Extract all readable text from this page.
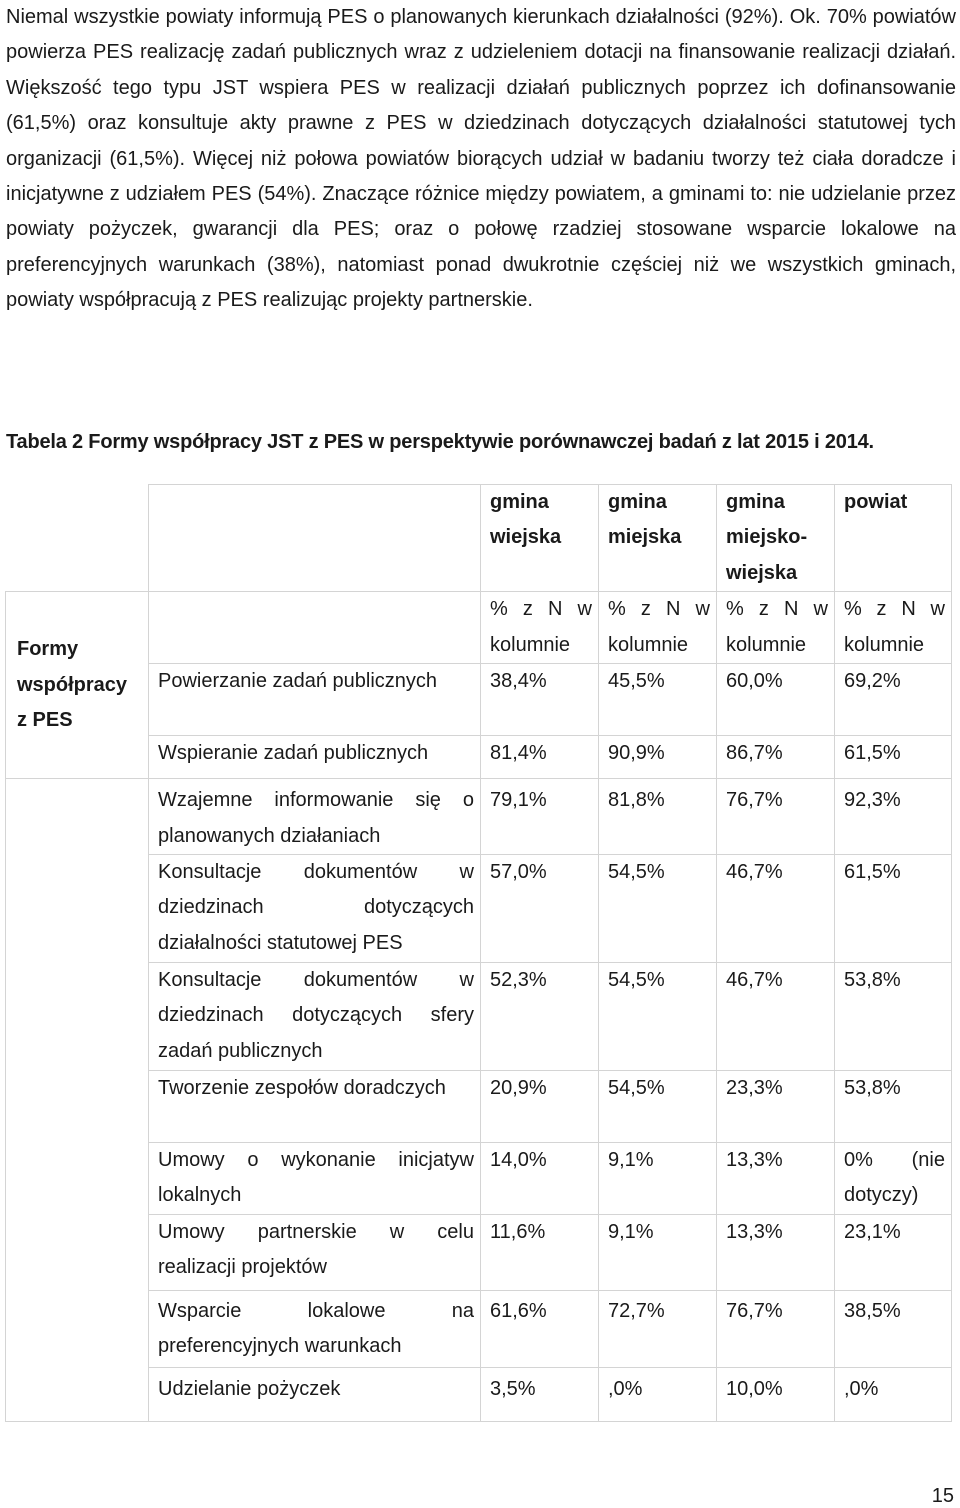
Niemal wszystkie powiaty informują PES o planowanych kierunkach działalności (92%). Ok. 70% powiatów powierza PES realizację zadań publicznych wraz z udzieleniem dotacji na finansowanie realizacji działań. Większość tego typu JST wspiera PES w realizacji działań publicznych poprzez ich dofinansowanie (61,5%) oraz konsultuje akty prawne z PES w dziedzinach dotyczących działalności statutowej tych organizacji (61,5%). Więcej niż połowa powiatów biorących udział w badaniu tworzy też ciała doradcze i inicjatywne z udziałem PES (54%). Znaczące różnice między powiatem, a gminami to: nie udzielanie przez powiaty pożyczek, gwarancji dla PES; oraz o połowę rzadziej stosowane wsparcie lokalowe na preferencyjnych warunkach (38%), natomiast ponad dwukrotnie częściej niż we wszystkich gminach, powiaty współpracują z PES realizując projekty partnerskie.

Tabela 2 Formy współpracy JST z PES w perspektywie porównawczej badań z lat 2015 i 2014.

		gmina wiejska	gmina miejska	gmina miejsko-wiejska	powiat
Formy współpracy z PES		% z N w kolumnie	% z N w kolumnie	% z N w kolumnie	% z N w kolumnie
	Powierzanie zadań publicznych	38,4%	45,5%	60,0%	69,2%
	Wspieranie zadań publicznych	81,4%	90,9%	86,7%	61,5%
	Wzajemne informowanie się o planowanych działaniach	79,1%	81,8%	76,7%	92,3%
	Konsultacje dokumentów w dziedzinach dotyczących działalności statutowej PES	57,0%	54,5%	46,7%	61,5%
	Konsultacje dokumentów w dziedzinach dotyczących sfery zadań publicznych	52,3%	54,5%	46,7%	53,8%
	Tworzenie zespołów doradczych	20,9%	54,5%	23,3%	53,8%
	Umowy o wykonanie inicjatyw lokalnych	14,0%	9,1%	13,3%	0% (nie dotyczy)
	Umowy partnerskie w celu realizacji projektów	11,6%	9,1%	13,3%	23,1%
	Wsparcie lokalowe na preferencyjnych warunkach	61,6%	72,7%	76,7%	38,5%
	Udzielanie pożyczek	3,5%	,0%	10,0%	,0%
15
